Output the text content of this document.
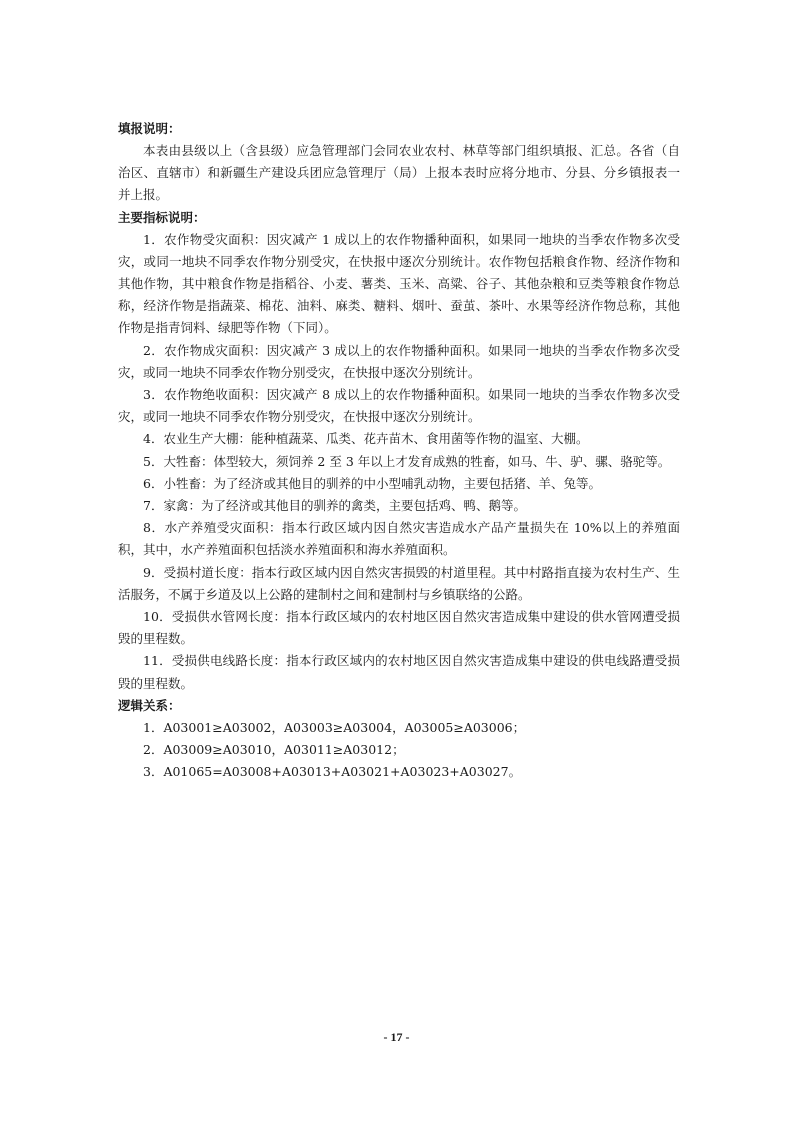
填报说明：

本表由县级以上（含县级）应急管理部门会同农业农村、林草等部门组织填报、汇总。各省（自治区、直辖市）和新疆生产建设兵团应急管理厅（局）上报本表时应将分地市、分县、分乡镇报表一并上报。

主要指标说明：

1．农作物受灾面积：因灾减产 1 成以上的农作物播种面积，如果同一地块的当季农作物多次受灾，或同一地块不同季农作物分别受灾，在快报中逐次分别统计。农作物包括粮食作物、经济作物和其他作物，其中粮食作物是指稻谷、小麦、薯类、玉米、高粱、谷子、其他杂粮和豆类等粮食作物总称，经济作物是指蔬菜、棉花、油料、麻类、糖料、烟叶、蚕茧、茶叶、水果等经济作物总称，其他作物是指青饲料、绿肥等作物（下同）。

2．农作物成灾面积：因灾减产 3 成以上的农作物播种面积。如果同一地块的当季农作物多次受灾，或同一地块不同季农作物分别受灾，在快报中逐次分别统计。

3．农作物绝收面积：因灾减产 8 成以上的农作物播种面积。如果同一地块的当季农作物多次受灾，或同一地块不同季农作物分别受灾，在快报中逐次分别统计。

4．农业生产大棚：能种植蔬菜、瓜类、花卉苗木、食用菌等作物的温室、大棚。

5．大牲畜：体型较大，须饲养 2 至 3 年以上才发育成熟的牲畜，如马、牛、驴、骡、骆驼等。

6．小牲畜：为了经济或其他目的驯养的中小型哺乳动物，主要包括猪、羊、兔等。

7．家禽：为了经济或其他目的驯养的禽类，主要包括鸡、鸭、鹅等。

8．水产养殖受灾面积：指本行政区域内因自然灾害造成水产品产量损失在 10%以上的养殖面积，其中，水产养殖面积包括淡水养殖面积和海水养殖面积。

9．受损村道长度：指本行政区域内因自然灾害损毁的村道里程。其中村路指直接为农村生产、生活服务，不属于乡道及以上公路的建制村之间和建制村与乡镇联络的公路。

10．受损供水管网长度：指本行政区域内的农村地区因自然灾害造成集中建设的供水管网遭受损毁的里程数。

11．受损供电线路长度：指本行政区域内的农村地区因自然灾害造成集中建设的供电线路遭受损毁的里程数。

逻辑关系：

1．A03001≥A03002，A03003≥A03004，A03005≥A03006；

2．A03009≥A03010，A03011≥A03012；

3．A01065=A03008+A03013+A03021+A03023+A03027。

- 17 -
